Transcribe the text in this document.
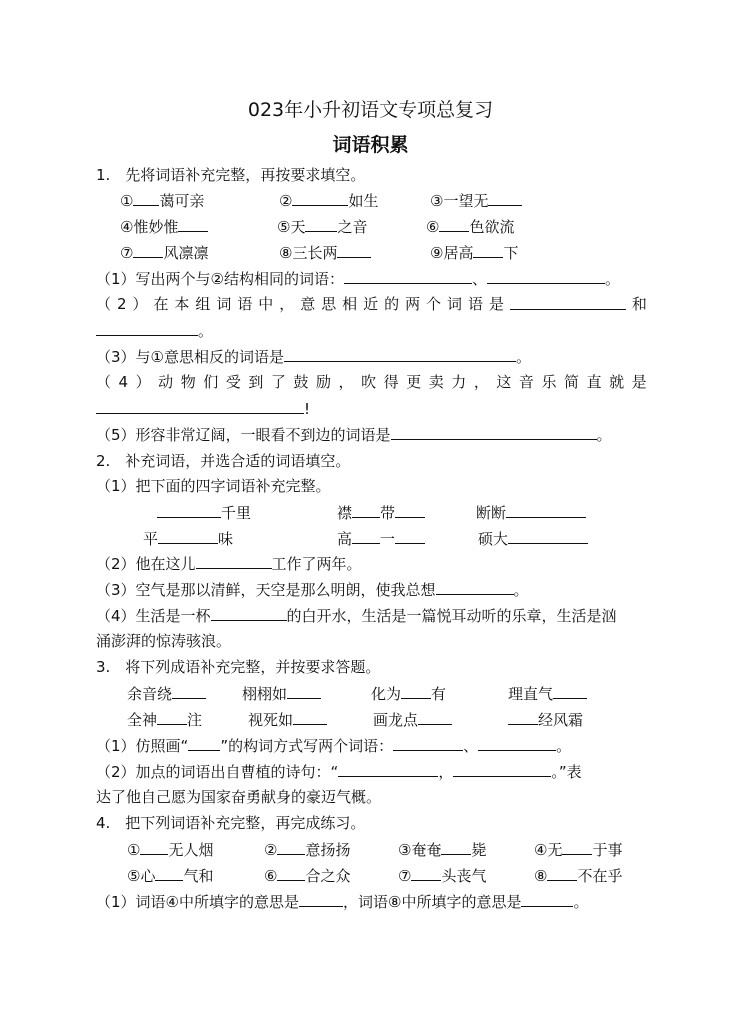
023年小升初语文专项总复习
词语积累
1.　先将词语补充完整，再按要求填空。
① 蔼可亲	②	如生	③一望无
④惟妙惟	⑤天 之音	⑥ 色欲流
⑦ 风凛凛	⑧三长两	⑨居高 下
（1）写出两个与②结构相同的词语：	、	。
（ 2 ） 在 本 组 词 语 中 ， 意 思 相 近 的 两 个 词 语 是	和
。
（3）与①意思相反的词语是	。
（ 4 ） 动 物 们 受 到 了 鼓 励 ， 吹 得 更 卖 力 ， 这 音 乐 简 直 就 是
!
（5）形容非常辽阔，一眼看不到边的词语是	。
2.　补充词语，并选合适的词语填空。
（1）把下面的四字词语补充完整。
千里	襟 带	断断
平	味	高 一	硕大
（2）他在这儿	工作了两年。
（3）空气是那以清鲜，天空是那么明朗，使我总想	。
（4）生活是一杯	的白开水，生活是一篇悦耳动听的乐章，生活是汹
涌澎湃的惊涛骇浪。
3.　将下列成语补充完整，并按要求答题。
余音绕	栩栩如	化为 有	理直气
全神 注	视死如	画龙点	经风霜
（1）仿照画“ ”的构词方式写两个词语：	、	。
（2）加点的词语出自曹植的诗句：“	，	。”表
达了他自己愿为国家奋勇献身的豪迈气概。
4.　把下列词语补充完整，再完成练习。
① 无人烟	② 意扬扬	③奄奄 毙	④无 于事
⑤心 气和	⑥ 合之众	⑦ 头丧气	⑧ 不在乎
（1）词语④中所填字的意思是	，词语⑧中所填字的意思是	。
